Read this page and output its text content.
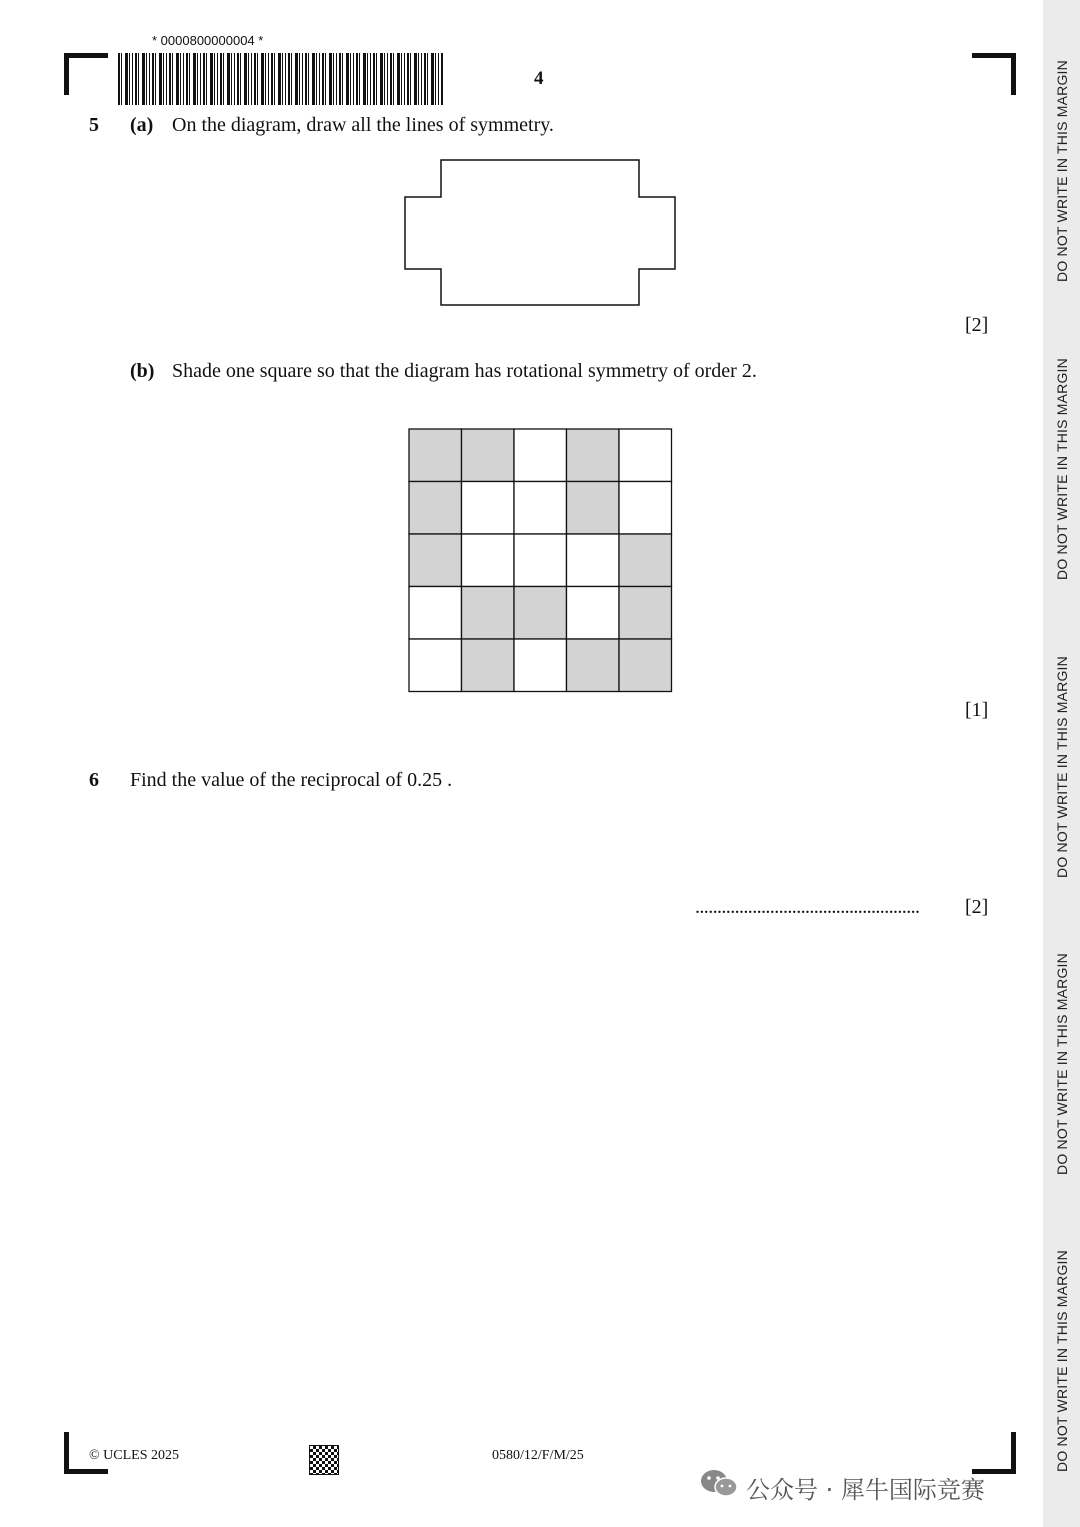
DO NOT WRITE IN THIS MARGIN
DO NOT WRITE IN THIS MARGIN
DO NOT WRITE IN THIS MARGIN
DO NOT WRITE IN THIS MARGIN
DO NOT WRITE IN THIS MARGIN
* 0000800000004 *
4
5 (a) On the diagram, draw all the lines of symmetry.
[2]
(b) Shade one square so that the diagram has rotational symmetry of order 2.
[1]
6 Find the value of the reciprocal of 0.25 .
................................................... [2]
© UCLES 2025	0580/12/F/M/25
公众号 · 犀牛国际竞赛
